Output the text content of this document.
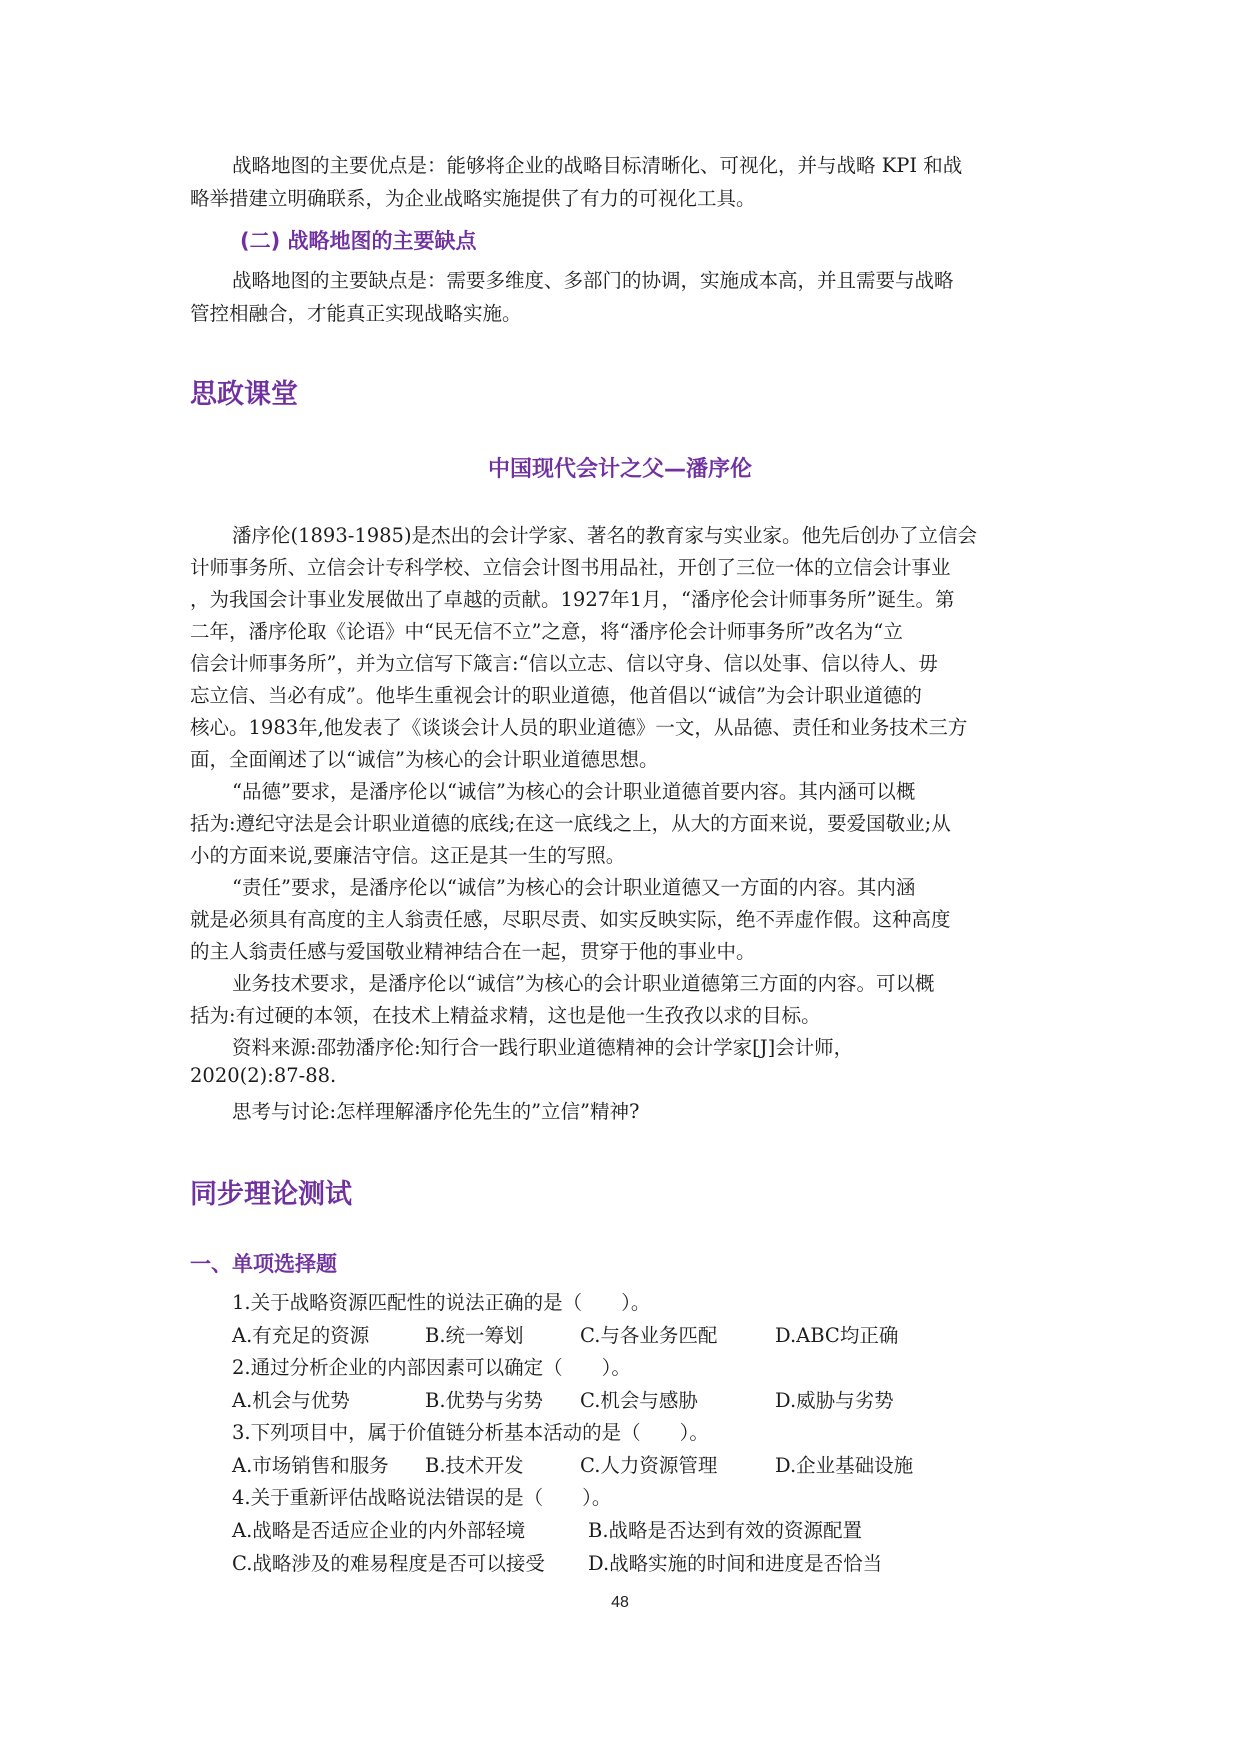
战略地图的主要优点是：能够将企业的战略目标清晰化、可视化，并与战略 KPI 和战

略举措建立明确联系，为企业战略实施提供了有力的可视化工具。

(二) 战略地图的主要缺点

战略地图的主要缺点是：需要多维度、多部门的协调，实施成本高，并且需要与战略

管控相融合，才能真正实现战略实施。

思政课堂
中国现代会计之父—潘序伦

潘序伦(1893-1985)是杰出的会计学家、著名的教育家与实业家。他先后创办了立信会

计师事务所、立信会计专科学校、立信会计图书用品社，开创了三位一体的立信会计事业

，为我国会计事业发展做出了卓越的贡献。1927年1月，“潘序伦会计师事务所”诞生。第

二年，潘序伦取《论语》中“民无信不立”之意，将“潘序伦会计师事务所”改名为“立

信会计师事务所”，并为立信写下箴言:“信以立志、信以守身、信以处事、信以待人、毋

忘立信、当必有成”。他毕生重视会计的职业道德，他首倡以“诚信”为会计职业道德的

核心。1983年,他发表了《谈谈会计人员的职业道德》一文，从品德、责任和业务技术三方

面，全面阐述了以“诚信”为核心的会计职业道德思想。

“品德”要求，是潘序伦以“诚信”为核心的会计职业道德首要内容。其内涵可以概

括为:遵纪守法是会计职业道德的底线;在这一底线之上，从大的方面来说，要爱国敬业;从

小的方面来说,要廉洁守信。这正是其一生的写照。

“责任”要求，是潘序伦以“诚信”为核心的会计职业道德又一方面的内容。其内涵

就是必须具有高度的主人翁责任感，尽职尽责、如实反映实际，绝不弄虚作假。这种高度

的主人翁责任感与爱国敬业精神结合在一起，贯穿于他的事业中。

业务技术要求，是潘序伦以“诚信”为核心的会计职业道德第三方面的内容。可以概

括为:有过硬的本领，在技术上精益求精，这也是他一生孜孜以求的目标。

资料来源:邵勃潘序伦:知行合一践行职业道德精神的会计学家[J]会计师，

2020(2):87-88.

思考与讨论:怎样理解潘序伦先生的”立信”精神?

同步理论测试
一、单项选择题

1.关于战略资源匹配性的说法正确的是（　　）。

A.有充足的资源	B.统一筹划	C.与各业务匹配	D.ABC均正确

2.通过分析企业的内部因素可以确定（　　）。

A.机会与优势	B.优势与劣势 C.机会与感胁	D.威胁与劣势

3.下列项目中，属于价值链分析基本活动的是（　　）。

A.市场销售和服务 B.技术开发	C.人力资源管理	D.企业基础设施

4.关于重新评估战略说法错误的是（　　）。

A.战略是否适应企业的内外部轻境	B.战略是否达到有效的资源配置

C.战略涉及的难易程度是否可以接受 D.战略实施的时间和进度是否恰当

48
